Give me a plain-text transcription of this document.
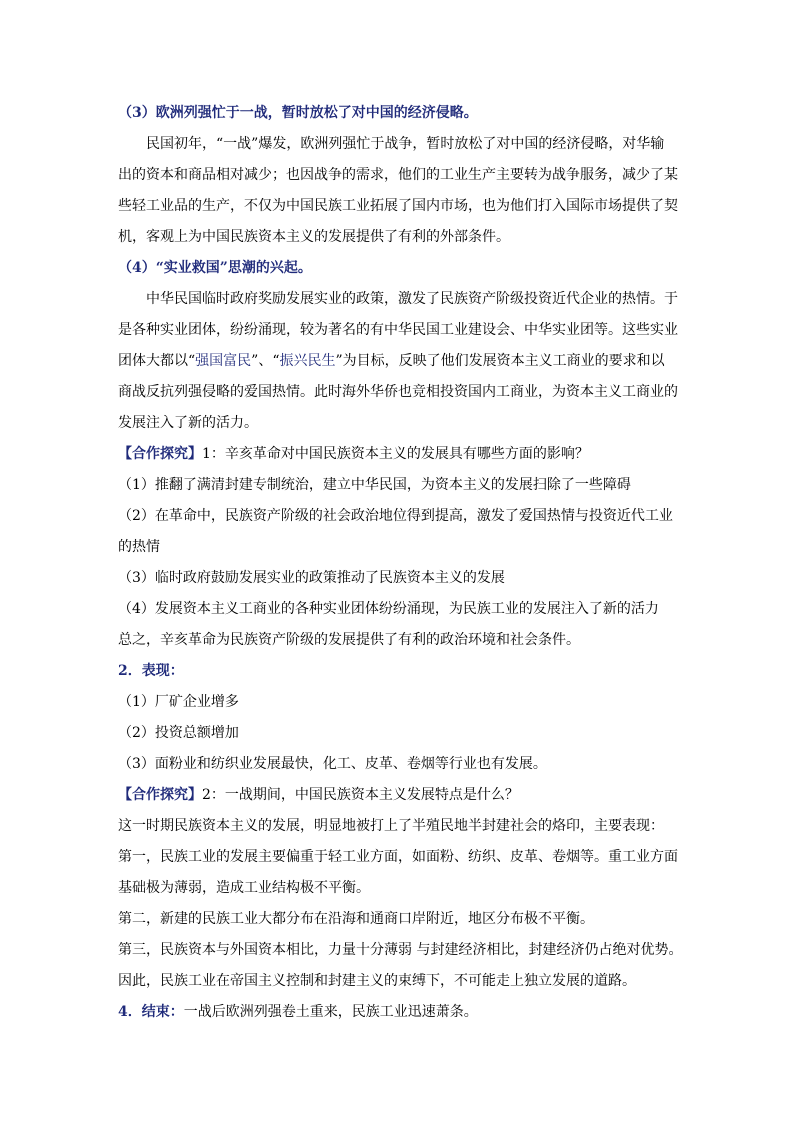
（3）欧洲列强忙于一战，暂时放松了对中国的经济侵略。
民国初年，“一战”爆发，欧洲列强忙于战争，暂时放松了对中国的经济侵略，对华输
出的资本和商品相对减少；也因战争的需求，他们的工业生产主要转为战争服务，减少了某
些轻工业品的生产，不仅为中国民族工业拓展了国内市场，也为他们打入国际市场提供了契
机，客观上为中国民族资本主义的发展提供了有利的外部条件。
（4）“实业救国”思潮的兴起。
中华民国临时政府奖励发展实业的政策，激发了民族资产阶级投资近代企业的热情。于
是各种实业团体，纷纷涌现，较为著名的有中华民国工业建设会、中华实业团等。这些实业
团体大都以“强国富民”、“振兴民生”为目标，反映了他们发展资本主义工商业的要求和以
商战反抗列强侵略的爱国热情。此时海外华侨也竞相投资国内工商业，为资本主义工商业的
发展注入了新的活力。
【合作探究】1：辛亥革命对中国民族资本主义的发展具有哪些方面的影响？
（1）推翻了满清封建专制统治，建立中华民国，为资本主义的发展扫除了一些障碍
（2）在革命中，民族资产阶级的社会政治地位得到提高，激发了爱国热情与投资近代工业
的热情
（3）临时政府鼓励发展实业的政策推动了民族资本主义的发展
（4）发展资本主义工商业的各种实业团体纷纷涌现，为民族工业的发展注入了新的活力
总之，辛亥革命为民族资产阶级的发展提供了有利的政治环境和社会条件。
2．表现：
（1）厂矿企业增多
（2）投资总额增加
（3）面粉业和纺织业发展最快，化工、皮革、卷烟等行业也有发展。
【合作探究】2：一战期间，中国民族资本主义发展特点是什么？
这一时期民族资本主义的发展，明显地被打上了半殖民地半封建社会的烙印，主要表现：
第一，民族工业的发展主要偏重于轻工业方面，如面粉、纺织、皮革、卷烟等。重工业方面
基础极为薄弱，造成工业结构极不平衡。
第二，新建的民族工业大都分布在沿海和通商口岸附近，地区分布极不平衡。
第三，民族资本与外国资本相比，力量十分薄弱 与封建经济相比，封建经济仍占绝对优势。
因此，民族工业在帝国主义控制和封建主义的束缚下，不可能走上独立发展的道路。
4．结束：一战后欧洲列强卷土重来，民族工业迅速萧条。
